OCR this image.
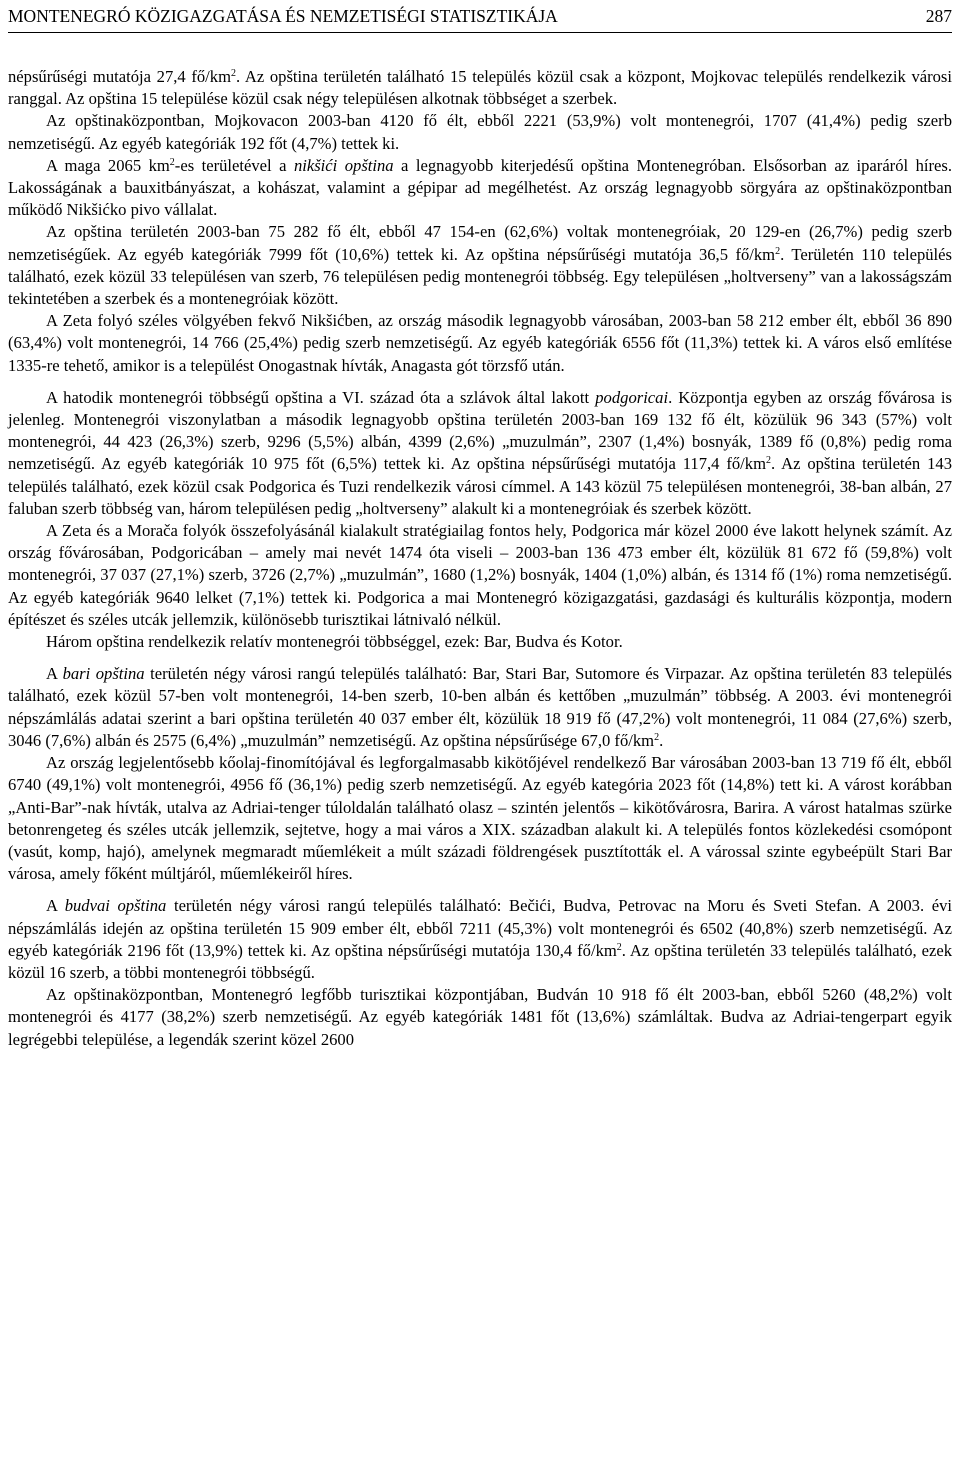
MONTENEGRÓ KÖZIGAZGATÁSA ÉS NEMZETISÉGI STATISZTIKÁJA	287

népsűrűségi mutatója 27,4 $fő/km^2$. Az opština területén található 15 település közül csak a központ, Mojkovac település rendelkezik városi ranggal. Az opština 15 települése közül csak négy településen alkotnak többséget a szerbek.

Az opštinaközpontban, Mojkovacon 2003-ban 4120 fő élt, ebből 2221 (53,9%) volt montenegrói, 1707 (41,4%) pedig szerb nemzetiségű. Az egyéb kategóriák 192 főt (4,7%) tettek ki.

A maga 2065 $km^2-es$ területével a nikšići opština a legnagyobb kiterjedésű opština Montenegróban. Elsősorban az iparáról híres. Lakosságának a bauxitbányászat, a kohászat, valamint a gépipar ad megélhetést. Az ország legnagyobb sörgyára az opštinaközpontban működő Nikšićko pivo vállalat.

Az opština területén 2003-ban 75 282 fő élt, ebből 47 154-en (62,6%) voltak montenegróiak, 20 129-en (26,7%) pedig szerb nemzetiségűek. Az egyéb kategóriák 7999 főt (10,6%) tettek ki. Az opština népsűrűségi mutatója 36,5 $fő/km^2$. Területén 110 település található, ezek közül 33 településen van szerb, 76 településen pedig montenegrói többség. Egy településen „holtverseny” van a lakosságszám tekintetében a szerbek és a montenegróiak között.

A Zeta folyó széles völgyében fekvő Nikšićben, az ország második legnagyobb városában, 2003-ban 58 212 ember élt, ebből 36 890 (63,4%) volt montenegrói, 14 766 (25,4%) pedig szerb nemzetiségű. Az egyéb kategóriák 6556 főt (11,3%) tettek ki. A város első említése 1335-re tehető, amikor is a települést Onogastnak hívták, Anagasta gót törzsfő után.

A hatodik montenegrói többségű opština a VI. század óta a szlávok által lakott podgoricai. Központja egyben az ország fővárosa is jelenleg. Montenegrói viszonylatban a második legnagyobb opština területén 2003-ban 169 132 fő élt, közülük 96 343 (57%) volt montenegrói, 44 423 (26,3%) szerb, 9296 (5,5%) albán, 4399 (2,6%) „muzulmán”, 2307 (1,4%) bosnyák, 1389 fő (0,8%) pedig roma nemzetiségű. Az egyéb kategóriák 10 975 főt (6,5%) tettek ki. Az opština népsűrűségi mutatója 117,4 $fő/km^2$. Az opština területén 143 település található, ezek közül csak Podgorica és Tuzi rendelkezik városi címmel. A 143 közül 75 településen montenegrói, 38-ban albán, 27 faluban szerb többség van, három településen pedig „holtverseny” alakult ki a montenegróiak és szerbek között.

A Zeta és a Morača folyók összefolyásánál kialakult stratégiailag fontos hely, Podgorica már közel 2000 éve lakott helynek számít. Az ország fővárosában, Podgoricában – amely mai nevét 1474 óta viseli – 2003-ban 136 473 ember élt, közülük 81 672 fő (59,8%) volt montenegrói, 37 037 (27,1%) szerb, 3726 (2,7%) „muzulmán”, 1680 (1,2%) bosnyák, 1404 (1,0%) albán, és 1314 fő (1%) roma nemzetiségű. Az egyéb kategóriák 9640 lelket (7,1%) tettek ki. Podgorica a mai Montenegró közigazgatási, gazdasági és kulturális központja, modern építészet és széles utcák jellemzik, különösebb turisztikai látnivaló nélkül.

Három opština rendelkezik relatív montenegrói többséggel, ezek: Bar, Budva és Kotor.

A bari opština területén négy városi rangú település található: Bar, Stari Bar, Sutomore és Virpazar. Az opština területén 83 település található, ezek közül 57-ben volt montenegrói, 14-ben szerb, 10-ben albán és kettőben „muzulmán” többség. A 2003. évi montenegrói népszámlálás adatai szerint a bari opština területén 40 037 ember élt, közülük 18 919 fő (47,2%) volt montenegrói, 11 084 (27,6%) szerb, 3046 (7,6%) albán és 2575 (6,4%) „muzulmán” nemzetiségű. Az opština népsűrűsége 67,0 $fő/km^2$.

Az ország legjelentősebb kőolaj-finomítójával és legforgalmasabb kikötőjével rendelkező Bar városában 2003-ban 13 719 fő élt, ebből 6740 (49,1%) volt montenegrói, 4956 fő (36,1%) pedig szerb nemzetiségű. Az egyéb kategória 2023 főt (14,8%) tett ki. A várost korábban „Anti-Bar”-nak hívták, utalva az Adriai-tenger túloldalán található olasz – szintén jelentős – kikötővárosra, Barira. A várost hatalmas szürke betonrengeteg és széles utcák jellemzik, sejtetve, hogy a mai város a XIX. században alakult ki. A település fontos közlekedési csomópont (vasút, komp, hajó), amelynek megmaradt műemlékeit a múlt századi földrengések pusztították el. A várossal szinte egybeépült Stari Bar városa, amely főként múltjáról, műemlékeiről híres.

A budvai opština területén négy városi rangú település található: Bečići, Budva, Petrovac na Moru és Sveti Stefan. A 2003. évi népszámlálás idején az opština területén 15 909 ember élt, ebből 7211 (45,3%) volt montenegrói és 6502 (40,8%) szerb nemzetiségű. Az egyéb kategóriák 2196 főt (13,9%) tettek ki. Az opština népsűrűségi mutatója 130,4 $fő/km^2$. Az opština területén 33 település található, ezek közül 16 szerb, a többi montenegrói többségű.

Az opštinaközpontban, Montenegró legfőbb turisztikai központjában, Budván 10 918 fő élt 2003-ban, ebből 5260 (48,2%) volt montenegrói és 4177 (38,2%) szerb nemzetiségű. Az egyéb kategóriák 1481 főt (13,6%) számláltak. Budva az Adriai-tengerpart egyik legrégebbi települése, a legendák szerint közel 2600
